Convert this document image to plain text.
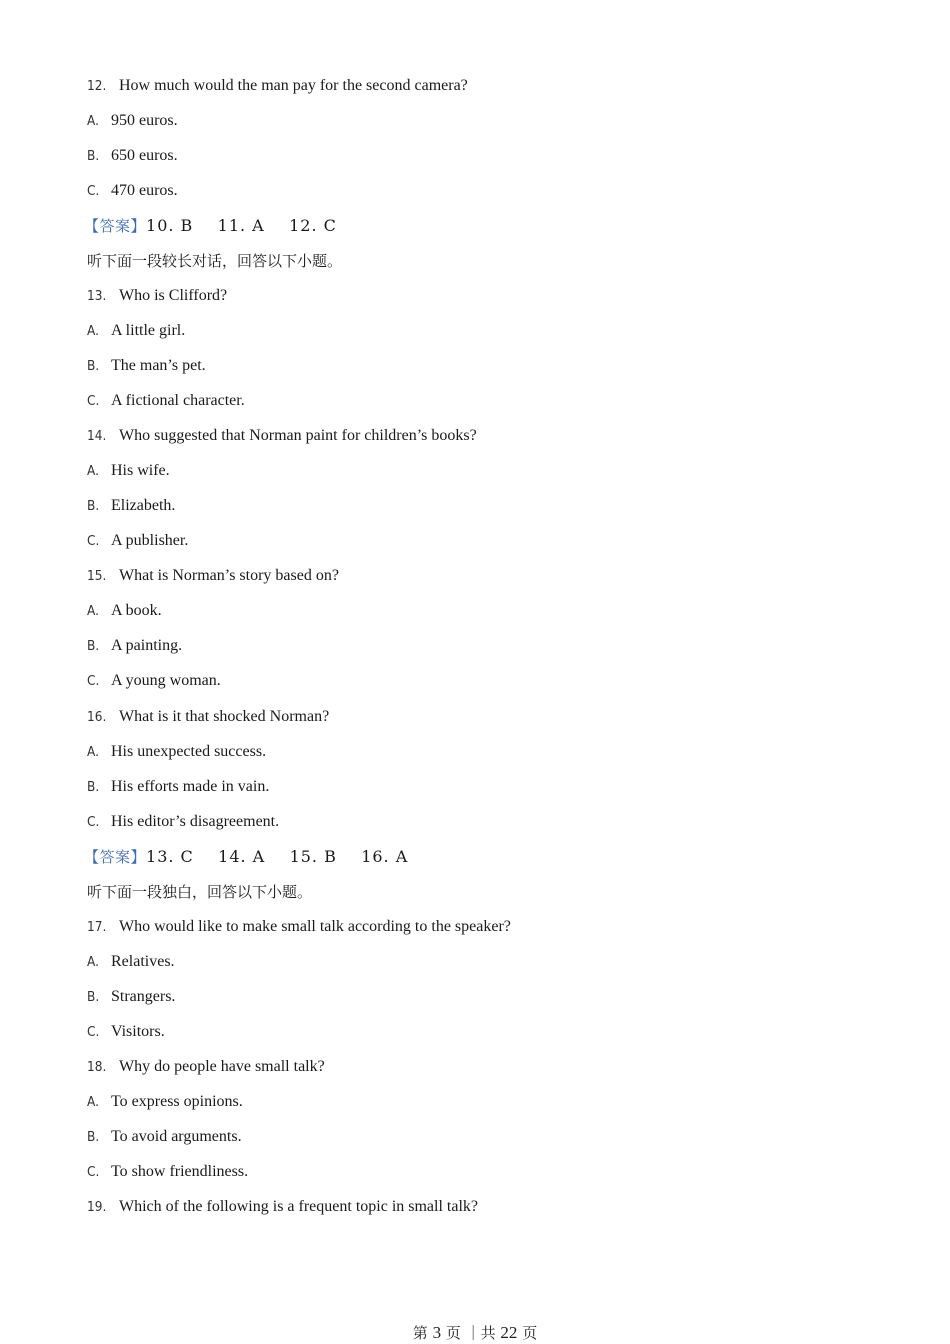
12. How much would the man pay for the second camera?
A. 950 euros.
B. 650 euros.
C. 470 euros.
【答案】10. B    11. A    12. C
听下面一段较长对话，回答以下小题。
13. Who is Clifford?
A. A little girl.
B. The man’s pet.
C. A fictional character.
14. Who suggested that Norman paint for children’s books?
A. His wife.
B. Elizabeth.
C. A publisher.
15. What is Norman’s story based on?
A. A book.
B. A painting.
C. A young woman.
16. What is it that shocked Norman?
A. His unexpected success.
B. His efforts made in vain.
C. His editor’s disagreement.
【答案】13. C    14. A    15. B    16. A
听下面一段独白，回答以下小题。
17. Who would like to make small talk according to the speaker?
A. Relatives.
B. Strangers.
C. Visitors.
18. Why do people have small talk?
A. To express opinions.
B. To avoid arguments.
C. To show friendliness.
19. Which of the following is a frequent topic in small talk?
第 3 页 ｜共 22 页
